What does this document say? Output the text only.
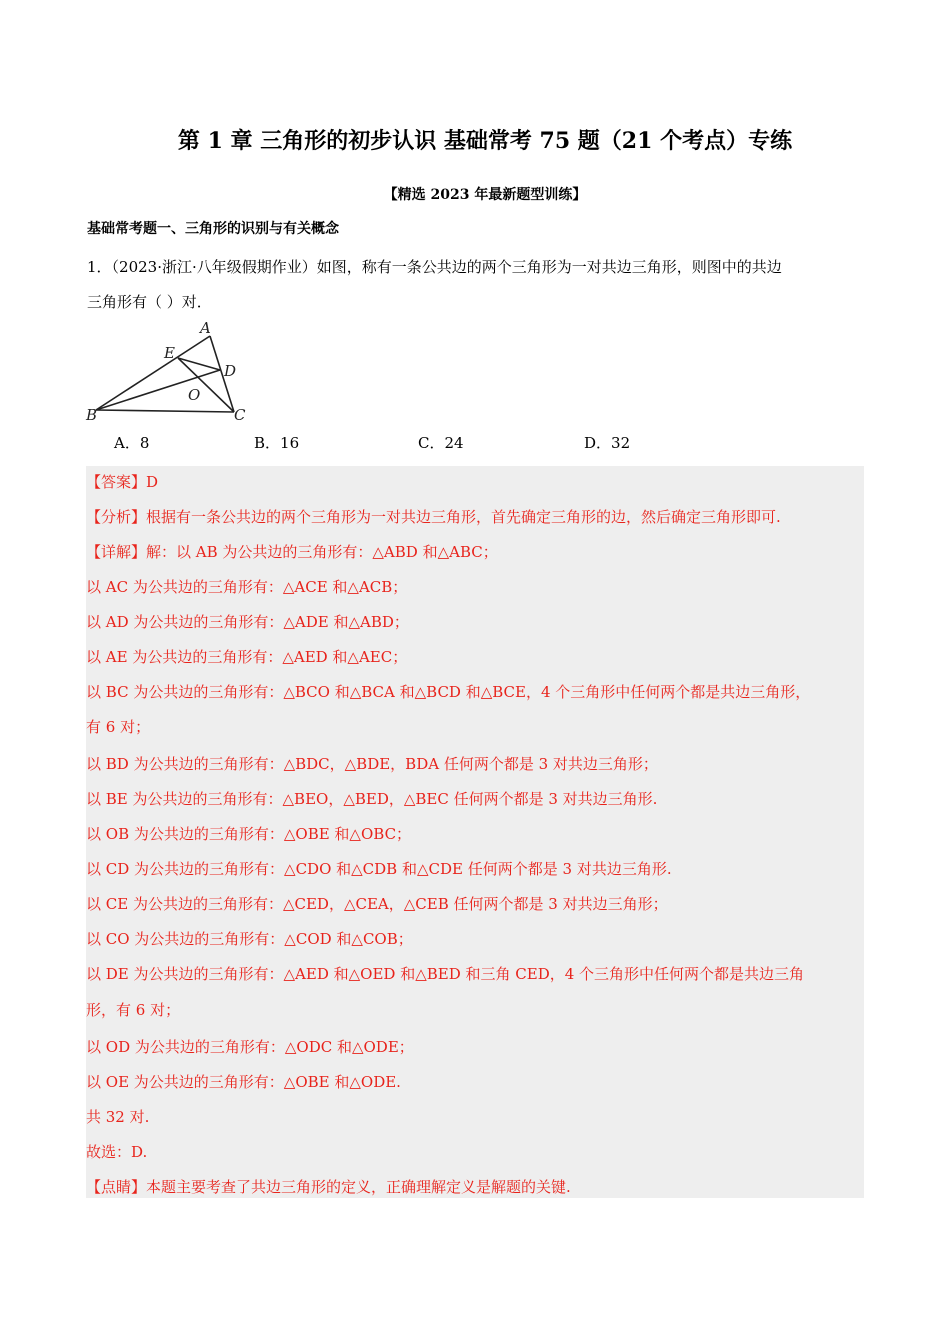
第 1 章 三角形的初步认识 基础常考 75 题（21 个考点）专练
【精选 2023 年最新题型训练】
基础常考题一、三角形的识别与有关概念
1．（2023·浙江·八年级假期作业）如图，称有一条公共边的两个三角形为一对共边三角形，则图中的共边
三角形有（ ）对．
A
E
D
O
B	C
A．8	B．16	C．24	D．32
【答案】D
【分析】根据有一条公共边的两个三角形为一对共边三角形，首先确定三角形的边，然后确定三角形即可.
【详解】解：以 AB 为公共边的三角形有：△ABD 和△ABC；
以 AC 为公共边的三角形有：△ACE 和△ACB；
以 AD 为公共边的三角形有：△ADE 和△ABD；
以 AE 为公共边的三角形有：△AED 和△AEC；
以 BC 为公共边的三角形有：△BCO 和△BCA 和△BCD 和△BCE，4 个三角形中任何两个都是共边三角形，
有 6 对；
以 BD 为公共边的三角形有：△BDC，△BDE，BDA 任何两个都是 3 对共边三角形；
以 BE 为公共边的三角形有：△BEO，△BED，△BEC 任何两个都是 3 对共边三角形.
以 OB 为公共边的三角形有：△OBE 和△OBC；
以 CD 为公共边的三角形有：△CDO 和△CDB 和△CDE 任何两个都是 3 对共边三角形.
以 CE 为公共边的三角形有：△CED，△CEA，△CEB 任何两个都是 3 对共边三角形；
以 CO 为公共边的三角形有：△COD 和△COB；
以 DE 为公共边的三角形有：△AED 和△OED 和△BED 和三角 CED，4 个三角形中任何两个都是共边三角
形，有 6 对；
以 OD 为公共边的三角形有：△ODC 和△ODE；
以 OE 为公共边的三角形有：△OBE 和△ODE.
共 32 对.
故选：D.
【点睛】本题主要考查了共边三角形的定义，正确理解定义是解题的关键.
